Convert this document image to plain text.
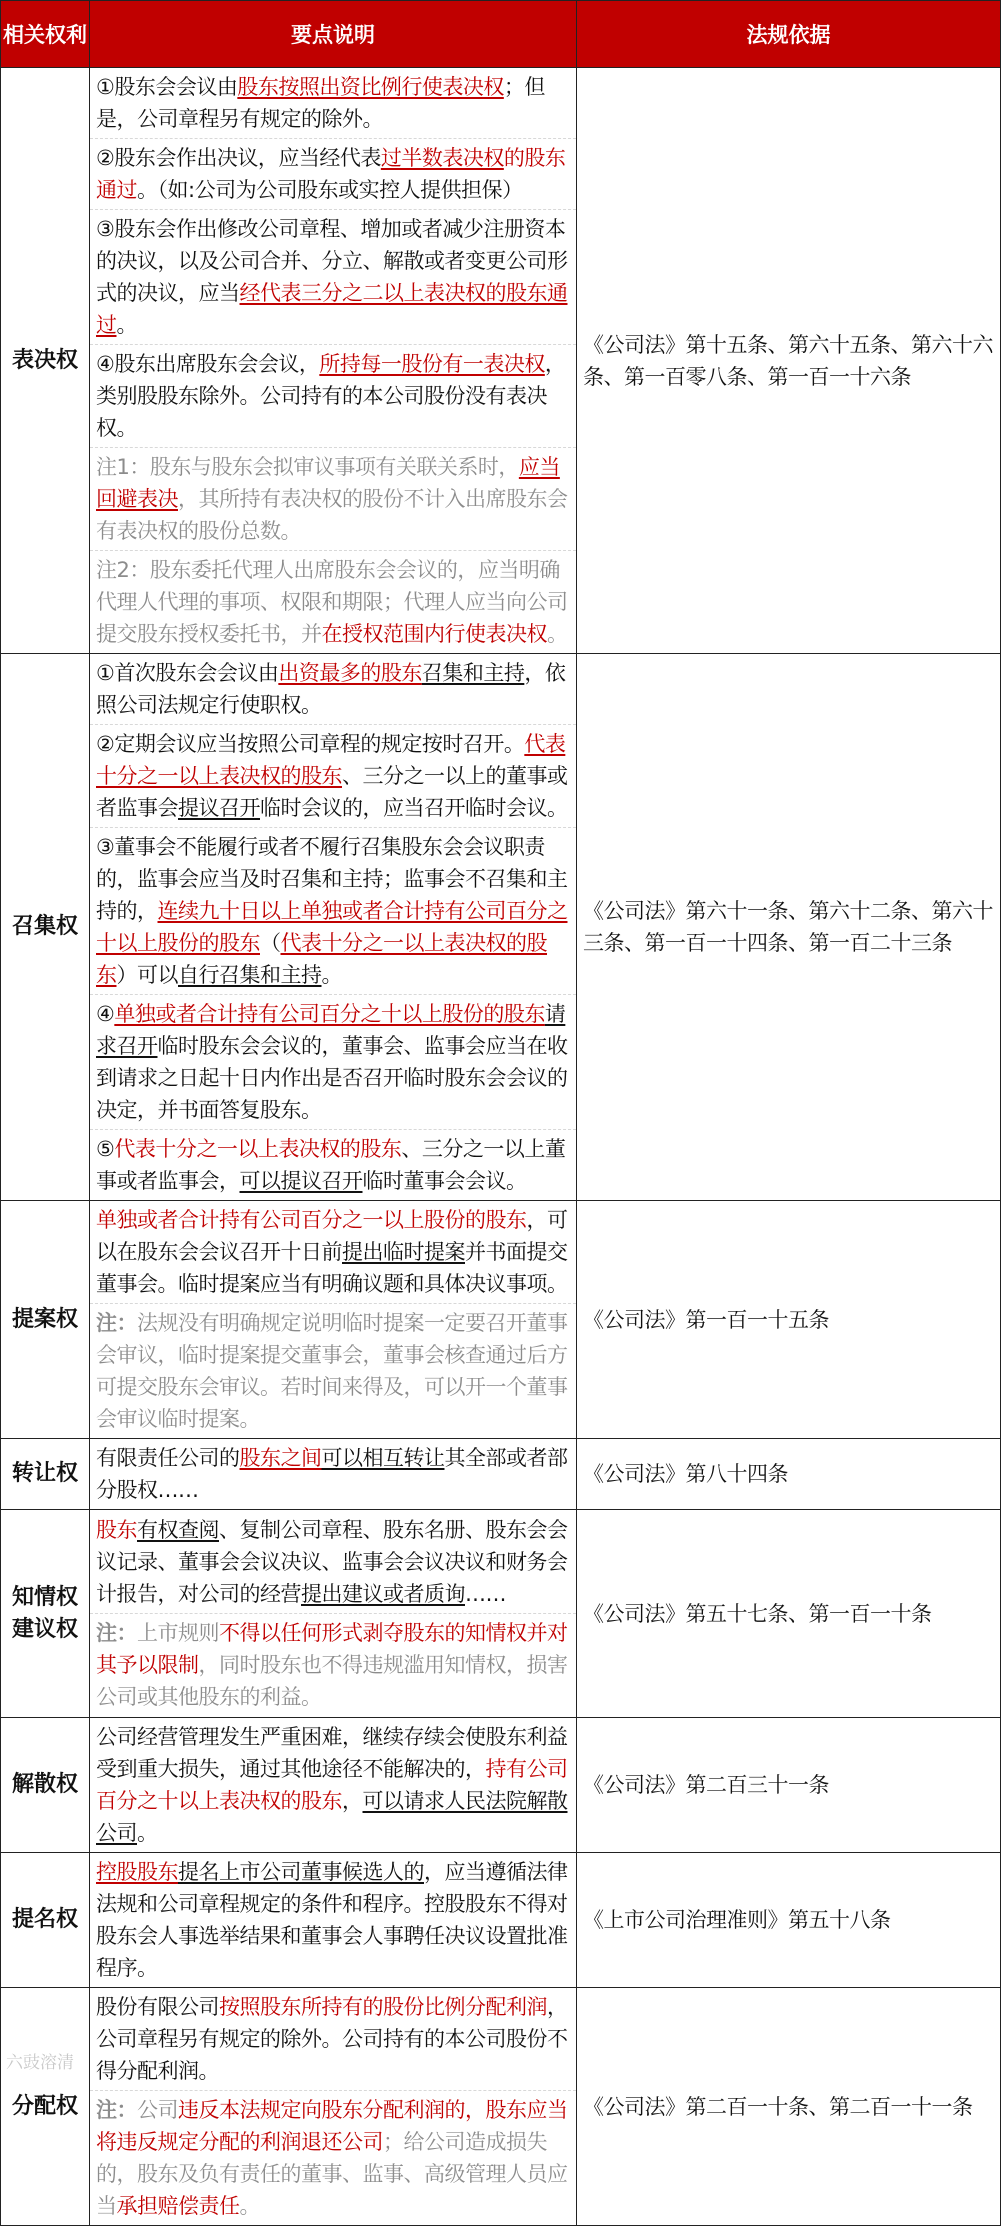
相关权利	要点说明	法规依据
表决权	
①股东会会议由股东按照出资比例行使表决权；但是，公司章程另有规定的除外。
②股东会作出决议，应当经代表过半数表决权的股东通过。（如:公司为公司股东或实控人提供担保）
③股东会作出修改公司章程、增加或者减少注册资本的决议，以及公司合并、分立、解散或者变更公司形式的决议，应当经代表三分之二以上表决权的股东通过。
④股东出席股东会会议，所持每一股份有一表决权，类别股股东除外。公司持有的本公司股份没有表决权。
注1：股东与股东会拟审议事项有关联关系时，应当回避表决，其所持有表决权的股份不计入出席股东会有表决权的股份总数。
注2：股东委托代理人出席股东会会议的，应当明确代理人代理的事项、权限和期限；代理人应当向公司提交股东授权委托书，并在授权范围内行使表决权。
	《公司法》第十五条、第六十五条、第六十六条、第一百零八条、第一百一十六条
召集权	
①首次股东会会议由出资最多的股东召集和主持，依照公司法规定行使职权。
②定期会议应当按照公司章程的规定按时召开。代表十分之一以上表决权的股东、三分之一以上的董事或者监事会提议召开临时会议的，应当召开临时会议。
③董事会不能履行或者不履行召集股东会会议职责的，监事会应当及时召集和主持；监事会不召集和主持的，连续九十日以上单独或者合计持有公司百分之十以上股份的股东（代表十分之一以上表决权的股东）可以自行召集和主持。
④单独或者合计持有公司百分之十以上股份的股东请求召开临时股东会会议的，董事会、监事会应当在收到请求之日起十日内作出是否召开临时股东会会议的决定，并书面答复股东。
⑤代表十分之一以上表决权的股东、三分之一以上董事或者监事会，可以提议召开临时董事会会议。
	《公司法》第六十一条、第六十二条、第六十三条、第一百一十四条、第一百二十三条
提案权	
单独或者合计持有公司百分之一以上股份的股东，可以在股东会会议召开十日前提出临时提案并书面提交董事会。临时提案应当有明确议题和具体决议事项。
注：法规没有明确规定说明临时提案一定要召开董事会审议，临时提案提交董事会，董事会核查通过后方可提交股东会审议。若时间来得及，可以开一个董事会审议临时提案。
	《公司法》第一百一十五条
转让权	
有限责任公司的股东之间可以相互转让其全部或者部分股权……
	《公司法》第八十四条
知情权
建议权	
股东有权查阅、复制公司章程、股东名册、股东会会议记录、董事会会议决议、监事会会议决议和财务会计报告，对公司的经营提出建议或者质询……
注：上市规则不得以任何形式剥夺股东的知情权并对其予以限制，同时股东也不得违规滥用知情权，损害公司或其他股东的利益。
	《公司法》第五十七条、第一百一十条
解散权	
公司经营管理发生严重困难，继续存续会使股东利益受到重大损失，通过其他途径不能解决的，持有公司百分之十以上表决权的股东，可以请求人民法院解散公司。
	《公司法》第二百三十一条
提名权	
控股股东提名上市公司董事候选人的，应当遵循法律法规和公司章程规定的条件和程序。控股股东不得对股东会人事选举结果和董事会人事聘任决议设置批准程序。
	《上市公司治理准则》第五十八条
分配权	
股份有限公司按照股东所持有的股份比例分配利润，公司章程另有规定的除外。公司持有的本公司股份不得分配利润。
注：公司违反本法规定向股东分配利润的，股东应当将违反规定分配的利润退还公司；给公司造成损失的，股东及负有责任的董事、监事、高级管理人员应当承担赔偿责任。
	《公司法》第二百一十条、第二百一十一条
六豉溶清
